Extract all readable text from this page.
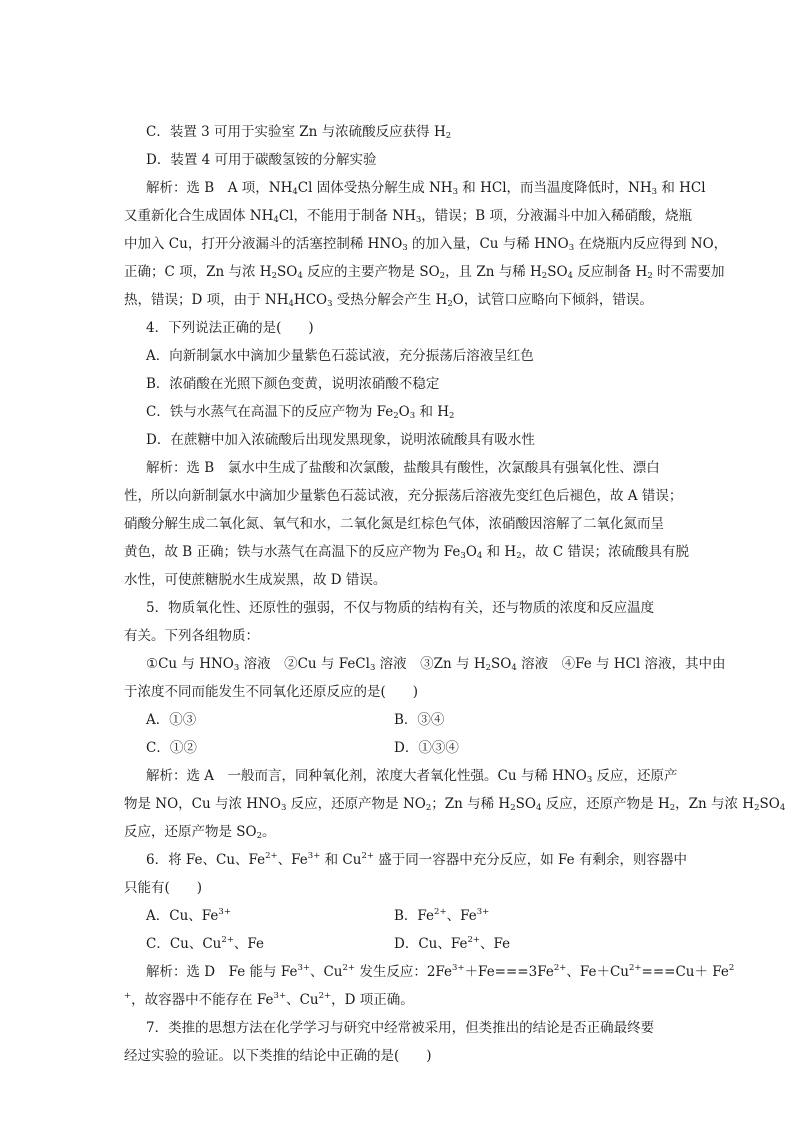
C．装置 3 可用于实验室 Zn 与浓硫酸反应获得 $H_2$
D．装置 4 可用于碳酸氢铵的分解实验
解析：选 B　A 项，$NH_4Cl$ 固体受热分解生成 $NH_3$ 和 HCl，而当温度降低时，$NH_3$ 和 HCl
又重新化合生成固体 $NH_4Cl$，不能用于制备 $NH_3$，错误；B 项，分液漏斗中加入稀硝酸，烧瓶
中加入 Cu，打开分液漏斗的活塞控制稀 $HNO_3$ 的加入量，Cu 与稀 $HNO_3$ 在烧瓶内反应得到 NO，
正确；C 项，Zn 与浓 $H_2SO_4$ 反应的主要产物是 $SO_2$，且 Zn 与稀 $H_2SO_4$ 反应制备 $H_2$ 时不需要加
热，错误；D 项，由于 $NH_4HCO_3$ 受热分解会产生 $H_2O$，试管口应略向下倾斜，错误。
4．下列说法正确的是(　　)
A．向新制氯水中滴加少量紫色石蕊试液，充分振荡后溶液呈红色
B．浓硝酸在光照下颜色变黄，说明浓硝酸不稳定
C．铁与水蒸气在高温下的反应产物为 $Fe_2O_3$ 和 $H_2$
D．在蔗糖中加入浓硫酸后出现发黑现象，说明浓硫酸具有吸水性
解析：选 B　氯水中生成了盐酸和次氯酸，盐酸具有酸性，次氯酸具有强氧化性、漂白
性，所以向新制氯水中滴加少量紫色石蕊试液，充分振荡后溶液先变红色后褪色，故 A 错误；
硝酸分解生成二氧化氮、氧气和水，二氧化氮是红棕色气体，浓硝酸因溶解了二氧化氮而呈
黄色，故 B 正确；铁与水蒸气在高温下的反应产物为 $Fe_3O_4$ 和 $H_2$，故 C 错误；浓硫酸具有脱
水性，可使蔗糖脱水生成炭黑，故 D 错误。
5．物质氧化性、还原性的强弱，不仅与物质的结构有关，还与物质的浓度和反应温度
有关。下列各组物质：
①Cu 与 $HNO_3$ 溶液　②Cu 与 FeCl$_3$ 溶液　③Zn 与 $H_2SO_4$ 溶液　④Fe 与 HCl 溶液，其中由
于浓度不同而能发生不同氧化还原反应的是(　　)
A．①③	B．③④
C．①②	D．①③④
解析：选 A　一般而言，同种氧化剂，浓度大者氧化性强。Cu 与稀 $HNO_3$ 反应，还原产
物是 NO，Cu 与浓 $HNO_3$ 反应，还原产物是 $NO_2$；Zn 与稀 $H_2SO_4$ 反应，还原产物是 $H_2$，Zn 与浓 $H_2SO_4$
反应，还原产物是 $SO_2$。
6．将 Fe、Cu、$Fe^{2+}$、$Fe^{3+}$ 和 $Cu^{2+}$ 盛于同一容器中充分反应，如 Fe 有剩余，则容器中
只能有(　　)
A．Cu、$Fe^{3+}$	B．$Fe^{2+}$、$Fe^{3+}$
C．Cu、$Cu^{2+}$、Fe	D．Cu、$Fe^{2+}$、Fe
解析：选 D　Fe 能与 $Fe^{3+}$、$Cu^{2+}$ 发生反应：$2Fe^{3+}+Fe===3Fe^{2+}$、$Fe+Cu^{2+}===Cu+ Fe^2$
+，故容器中不能存在 $Fe^{3+}$、$Cu^{2+}$，D 项正确。
7．类推的思想方法在化学学习与研究中经常被采用，但类推出的结论是否正确最终要
经过实验的验证。以下类推的结论中正确的是(　　)
